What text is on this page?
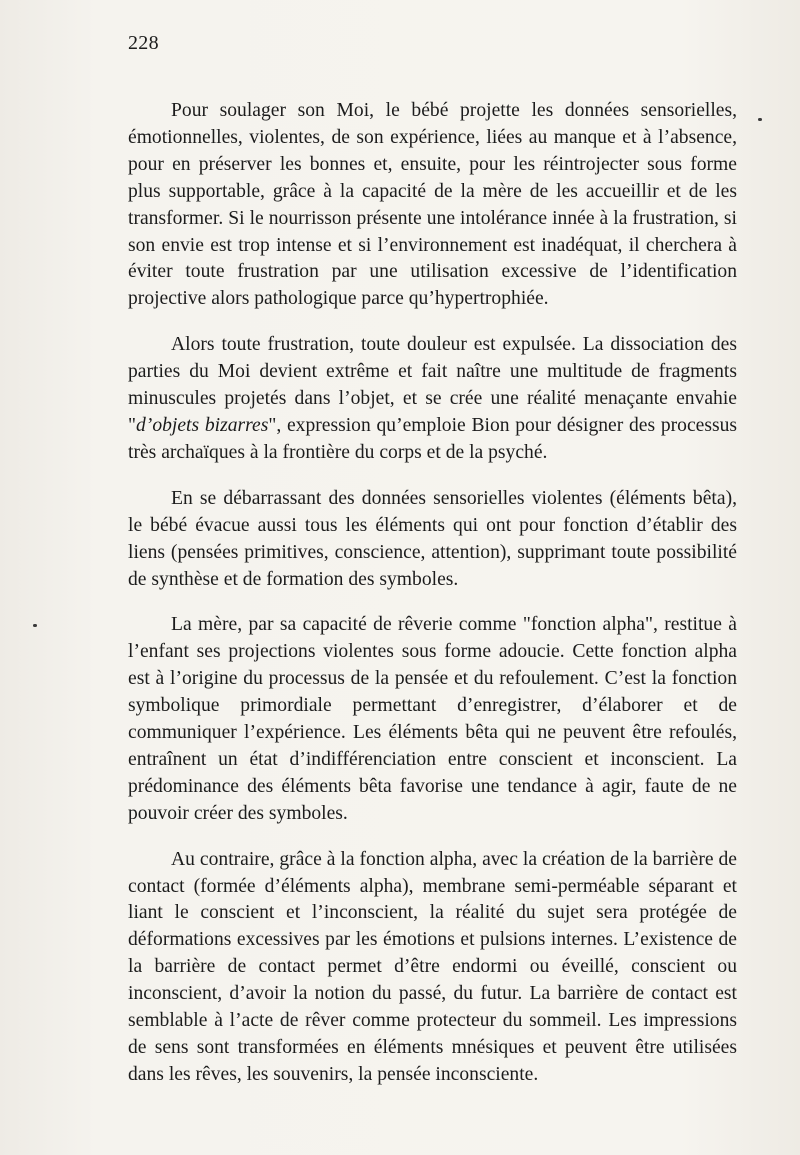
228

Pour soulager son Moi, le bébé projette les données sensorielles, émotionnelles, violentes, de son expérience, liées au manque et à l’absence, pour en préserver les bonnes et, ensuite, pour les réintrojecter sous forme plus supportable, grâce à la capacité de la mère de les accueillir et de les transformer. Si le nourrisson présente une intolérance innée à la frustration, si son envie est trop intense et si l’environnement est inadéquat, il cherchera à éviter toute frustration par une utilisation excessive de l’identification projective alors pathologique parce qu’hypertrophiée.

Alors toute frustration, toute douleur est expulsée. La dissociation des parties du Moi devient extrême et fait naître une multitude de fragments minuscules projetés dans l’objet, et se crée une réalité menaçante envahie "d’objets bizarres", expression qu’emploie Bion pour désigner des processus très archaïques à la frontière du corps et de la psyché.

En se débarrassant des données sensorielles violentes (éléments bêta), le bébé évacue aussi tous les éléments qui ont pour fonction d’établir des liens (pensées primitives, conscience, attention), supprimant toute possibilité de synthèse et de formation des symboles.

La mère, par sa capacité de rêverie comme "fonction alpha", restitue à l’enfant ses projections violentes sous forme adoucie. Cette fonction alpha est à l’origine du processus de la pensée et du refoulement. C’est la fonction symbolique primordiale permettant d’enregistrer, d’élaborer et de communiquer l’expérience. Les éléments bêta qui ne peuvent être refoulés, entraînent un état d’indifférenciation entre conscient et inconscient. La prédominance des éléments bêta favorise une tendance à agir, faute de ne pouvoir créer des symboles.

Au contraire, grâce à la fonction alpha, avec la création de la barrière de contact (formée d’éléments alpha), membrane semi-perméable séparant et liant le conscient et l’inconscient, la réalité du sujet sera protégée de déformations excessives par les émotions et pulsions internes. L’existence de la barrière de contact permet d’être endormi ou éveillé, conscient ou inconscient, d’avoir la notion du passé, du futur. La barrière de contact est semblable à l’acte de rêver comme protecteur du sommeil. Les impressions de sens sont transformées en éléments mnésiques et peuvent être utilisées dans les rêves, les souvenirs, la pensée inconsciente.
